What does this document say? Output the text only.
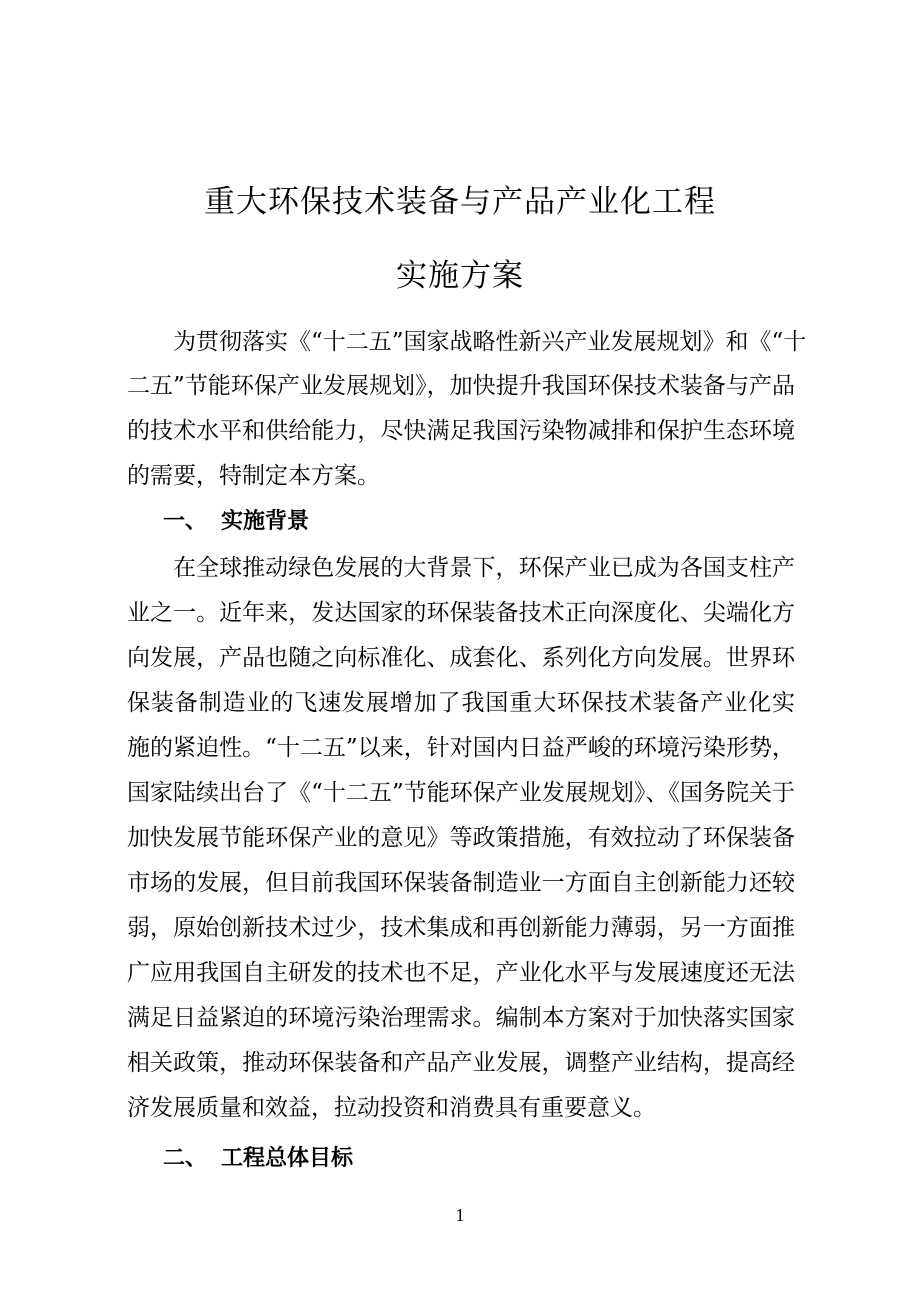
重大环保技术装备与产品产业化工程
实施方案
为贯彻落实《“十二五”国家战略性新兴产业发展规划》和《“十
二五”节能环保产业发展规划》，加快提升我国环保技术装备与产品
的技术水平和供给能力，尽快满足我国污染物减排和保护生态环境
的需要，特制定本方案。
一、 实施背景
在全球推动绿色发展的大背景下，环保产业已成为各国支柱产
业之一。近年来，发达国家的环保装备技术正向深度化、尖端化方
向发展，产品也随之向标准化、成套化、系列化方向发展。世界环
保装备制造业的飞速发展增加了我国重大环保技术装备产业化实
施的紧迫性。“十二五”以来，针对国内日益严峻的环境污染形势，
国家陆续出台了《“十二五”节能环保产业发展规划》、《国务院关于
加快发展节能环保产业的意见》等政策措施，有效拉动了环保装备
市场的发展，但目前我国环保装备制造业一方面自主创新能力还较
弱，原始创新技术过少，技术集成和再创新能力薄弱，另一方面推
广应用我国自主研发的技术也不足，产业化水平与发展速度还无法
满足日益紧迫的环境污染治理需求。编制本方案对于加快落实国家
相关政策，推动环保装备和产品产业发展，调整产业结构，提高经
济发展质量和效益，拉动投资和消费具有重要意义。
二、 工程总体目标
1
